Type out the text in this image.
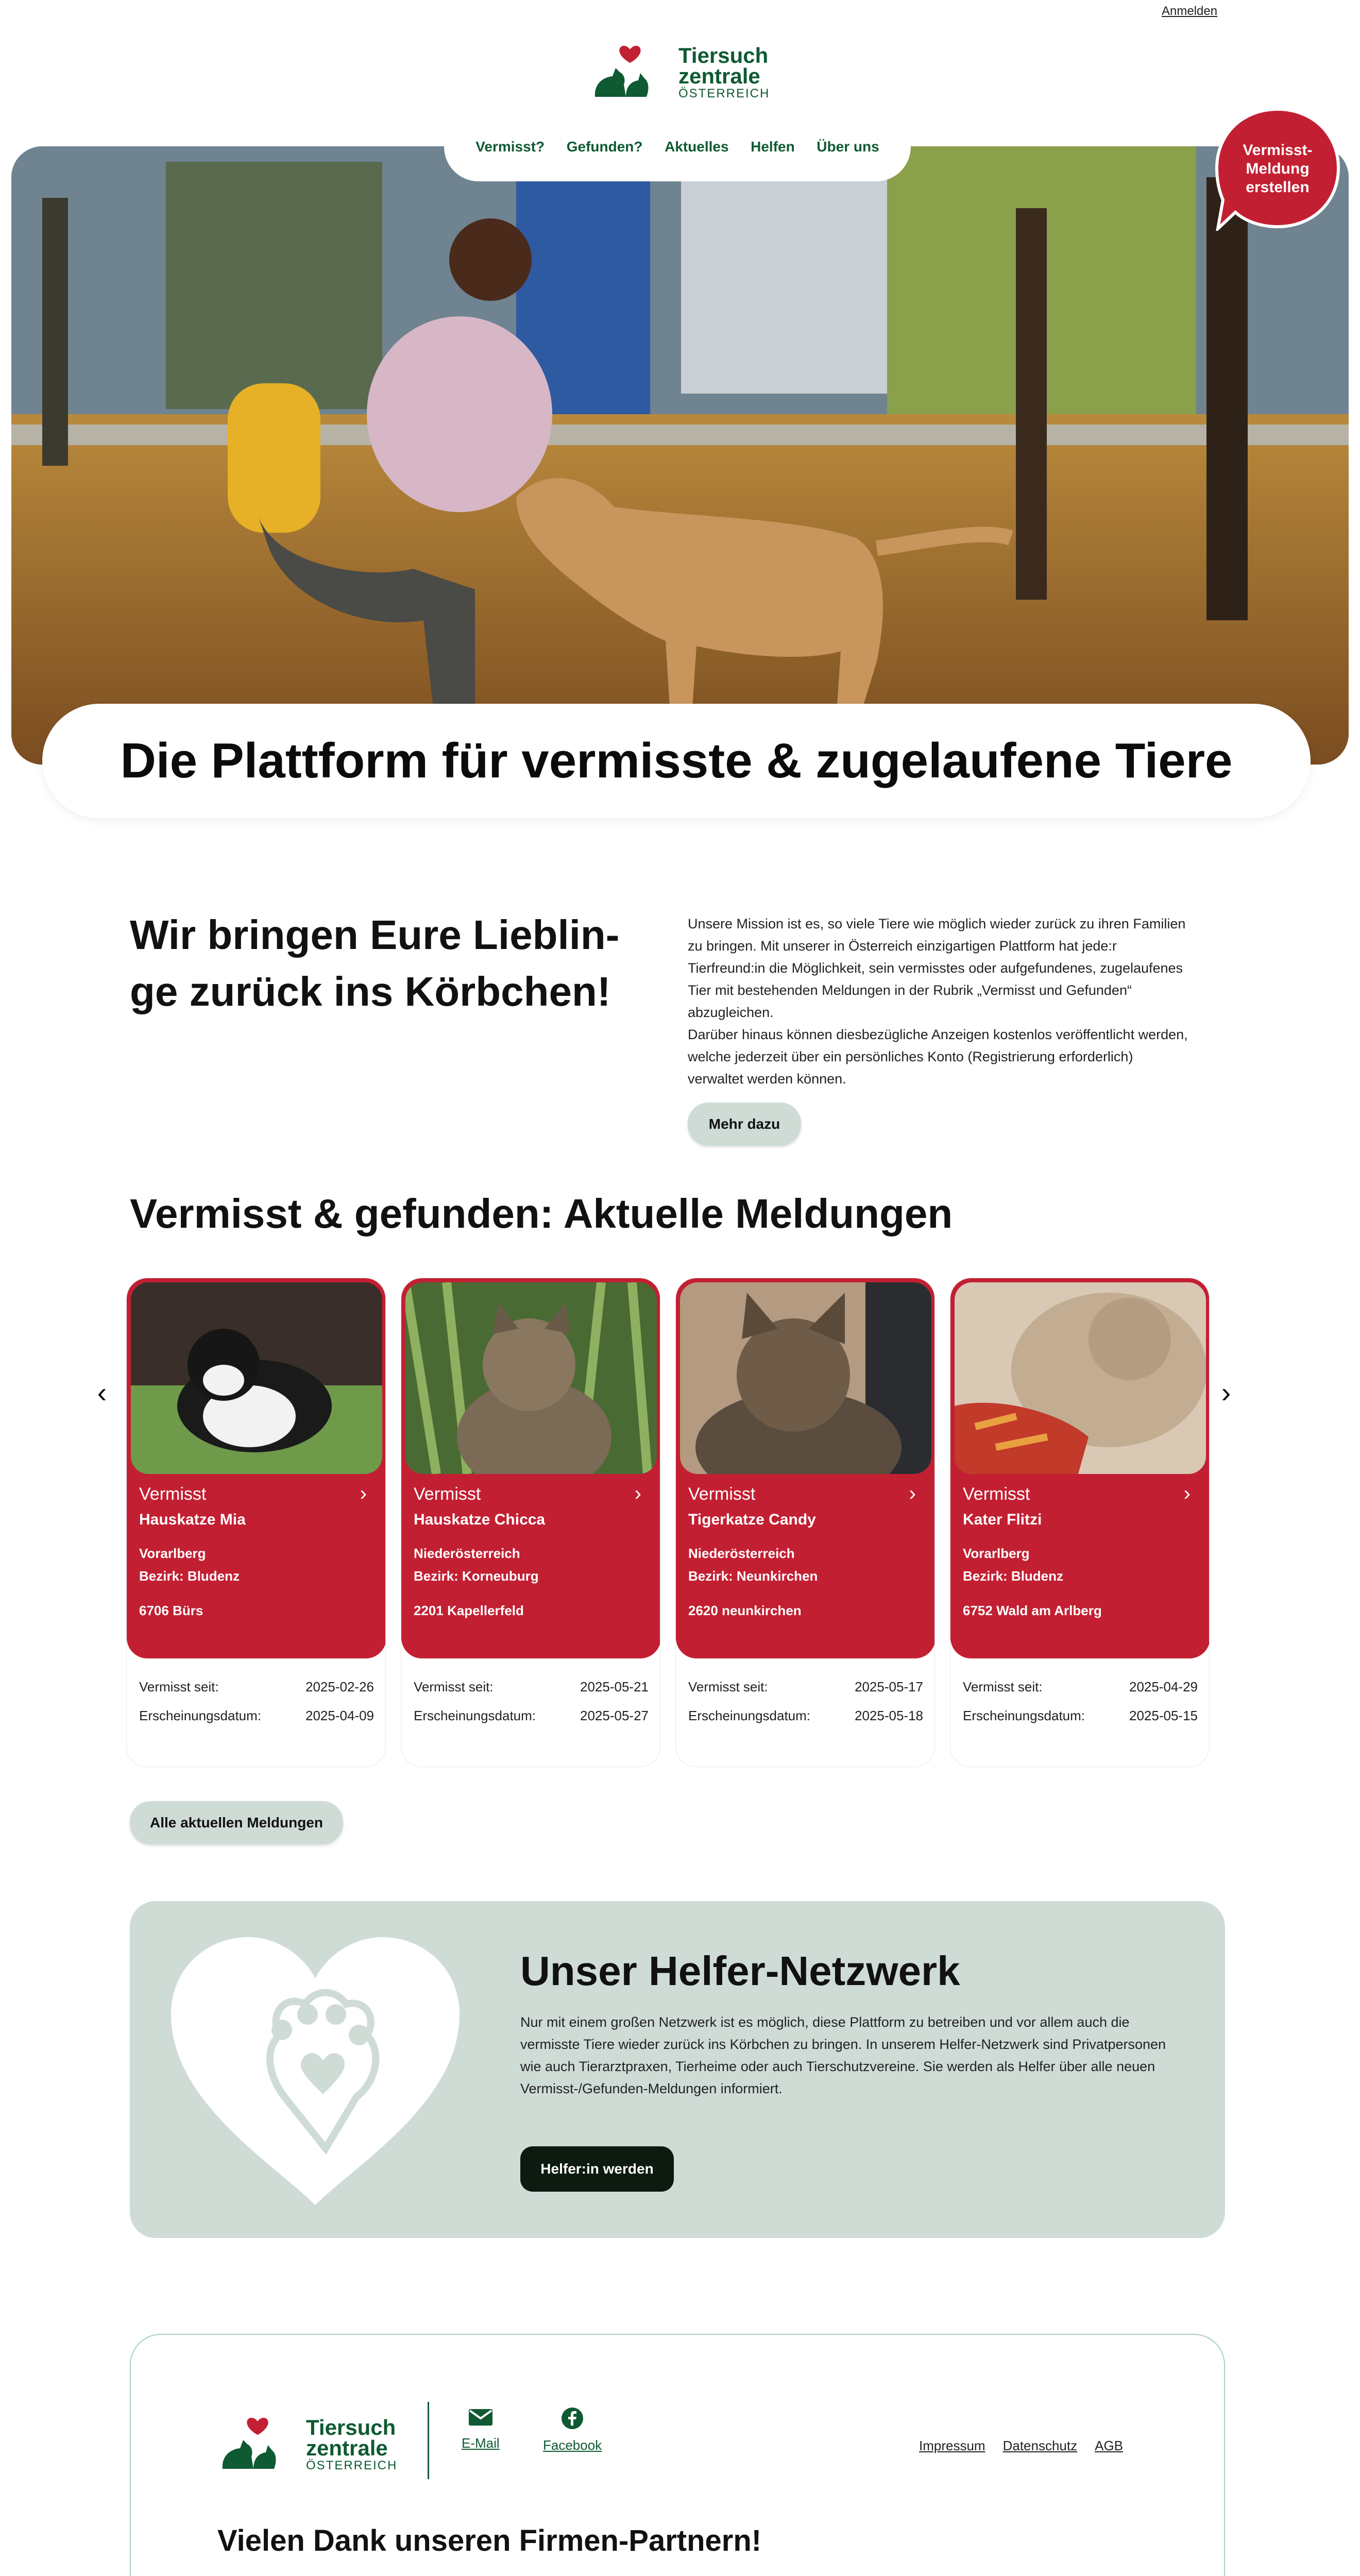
Anmelden
Tiersuch
zentrale
ÖSTERREICH
Vermisst? Gefunden? Aktuelles Helfen Über uns	Vermisst-
Meldung
erstellen
Die Plattform für vermisste & zugelaufene Tiere
Wir bringen Eure Lieblin-
ge zurück ins Körbchen!
Unsere Mission ist es, so viele Tiere wie möglich wieder zurück zu ihren Familien
zu bringen. Mit unserer in Österreich einzigartigen Plattform hat jede:r
Tierfreund:in die Möglichkeit, sein vermisstes oder aufgefundenes, zugelaufenes
Tier mit bestehenden Meldungen in der Rubrik „Vermisst und Gefunden“
abzugleichen.
Darüber hinaus können diesbezügliche Anzeigen kostenlos veröffentlicht werden,
welche jederzeit über ein persönliches Konto (Registrierung erforderlich)
verwaltet werden können.
Mehr dazu
Vermisst & gefunden: Aktuelle Meldungen
‹	›
Vermisst	›
Hauskatze Mia
Vorarlberg
Bezirk: Bludenz
6706 Bürs
Vermisst seit:	2025-02-26
Erscheinungsdatum:	2025-04-09
Vermisst	›
Hauskatze Chicca
Niederösterreich
Bezirk: Korneuburg
2201 Kapellerfeld
Vermisst seit:	2025-05-21
Erscheinungsdatum:	2025-05-27
Vermisst	›
Tigerkatze Candy
Niederösterreich
Bezirk: Neunkirchen
2620 neunkirchen
Vermisst seit:	2025-05-17
Erscheinungsdatum:	2025-05-18
Vermisst	›
Kater Flitzi
Vorarlberg
Bezirk: Bludenz
6752 Wald am Arlberg
Vermisst seit:	2025-04-29
Erscheinungsdatum:	2025-05-15
Alle aktuellen Meldungen
Unser Helfer-Netzwerk
Nur mit einem großen Netzwerk ist es möglich, diese Plattform zu betreiben und vor allem auch die
vermisste Tiere wieder zurück ins Körbchen zu bringen. In unserem Helfer-Netzwerk sind Privatpersonen
wie auch Tierarztpraxen, Tierheime oder auch Tierschutzvereine. Sie werden als Helfer über alle neuen
Vermisst-/Gefunden-Meldungen informiert.
Helfer:in werden
Tiersuch
zentrale
ÖSTERREICH
E-Mail	Facebook	Impressum Datenschutz AGB
Vielen Dank unseren Firmen-Partnern!
